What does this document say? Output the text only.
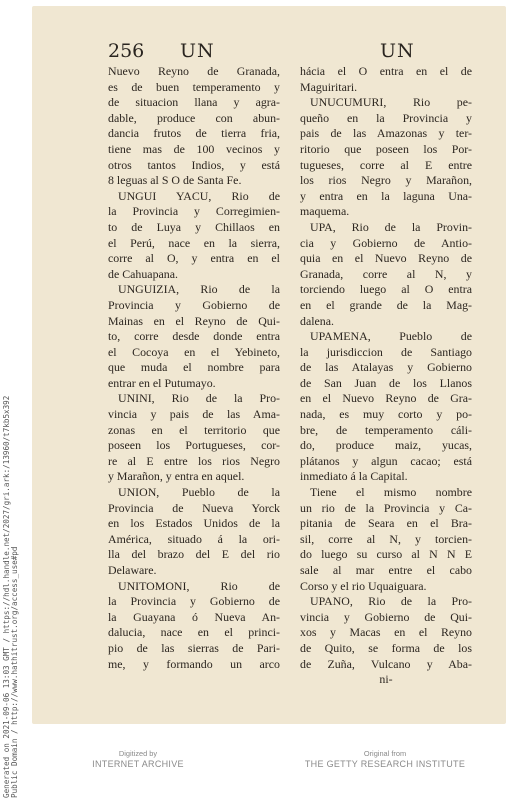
Generated on 2021-09-06 13:03 GMT / https://hdl.handle.net/2027/gri.ark:/13960/t7kb5x392 Public Domain / http://www.hathitrust.org/access_use#pd
256 UN	UN
Nuevo Reyno de Granada,
es de buen temperamento y
de situacion llana y agra-
dable, produce con abun-
dancia frutos de tierra fria,
tiene mas de 100 vecinos y
otros tantos Indios, y está
8 leguas al S O de Santa Fe.
UNGUI YACU, Rio de
la Provincia y Corregimien-
to de Luya y Chillaos en
el Perú, nace en la sierra,
corre al O, y entra en el
de Cahuapana.
UNGUIZIA, Rio de la
Provincia y Gobierno de
Mainas en el Reyno de Qui-
to, corre desde donde entra
el Cocoya en el Yebineto,
que muda el nombre para
entrar en el Putumayo.
UNINI, Rio de la Pro-
vincia y pais de las Ama-
zonas en el territorio que
poseen los Portugueses, cor-
re al E entre los rios Negro
y Marañon, y entra en aquel.
UNION, Pueblo de la
Provincia de Nueva Yorck
en los Estados Unidos de la
América, situado á la ori-
lla del brazo del E del rio
Delaware.
UNITOMONI, Rio de
la Provincia y Gobierno de
la Guayana ó Nueva An-
dalucia, nace en el princi-
pio de las sierras de Pari-
me, y formando un arco
hácia el O entra en el de
Maguiritari.
UNUCUMURI, Rio pe-
queño en la Provincia y
pais de las Amazonas y ter-
ritorio que poseen los Por-
tugueses, corre al E entre
los rios Negro y Marañon,
y entra en la laguna Una-
maquema.
UPA, Rio de la Provin-
cia y Gobierno de Antio-
quia en el Nuevo Reyno de
Granada, corre al N, y
torciendo luego al O entra
en el grande de la Mag-
dalena.
UPAMENA, Pueblo de
la jurisdiccion de Santiago
de las Atalayas y Gobierno
de San Juan de los Llanos
en el Nuevo Reyno de Gra-
nada, es muy corto y po-
bre, de temperamento cáli-
do, produce maiz, yucas,
plátanos y algun cacao; está
inmediato á la Capital.
Tiene el mismo nombre
un rio de la Provincia y Ca-
pitania de Seara en el Bra-
sil, corre al N, y torcien-
do luego su curso al N N E
sale al mar entre el cabo
Corso y el rio Uquaiguara.
UPANO, Rio de la Pro-
vincia y Gobierno de Qui-
xos y Macas en el Reyno
de Quito, se forma de los
de Zuña, Vulcano y Aba-
ni-
Digitized by
INTERNET ARCHIVE
Original from
THE GETTY RESEARCH INSTITUTE
